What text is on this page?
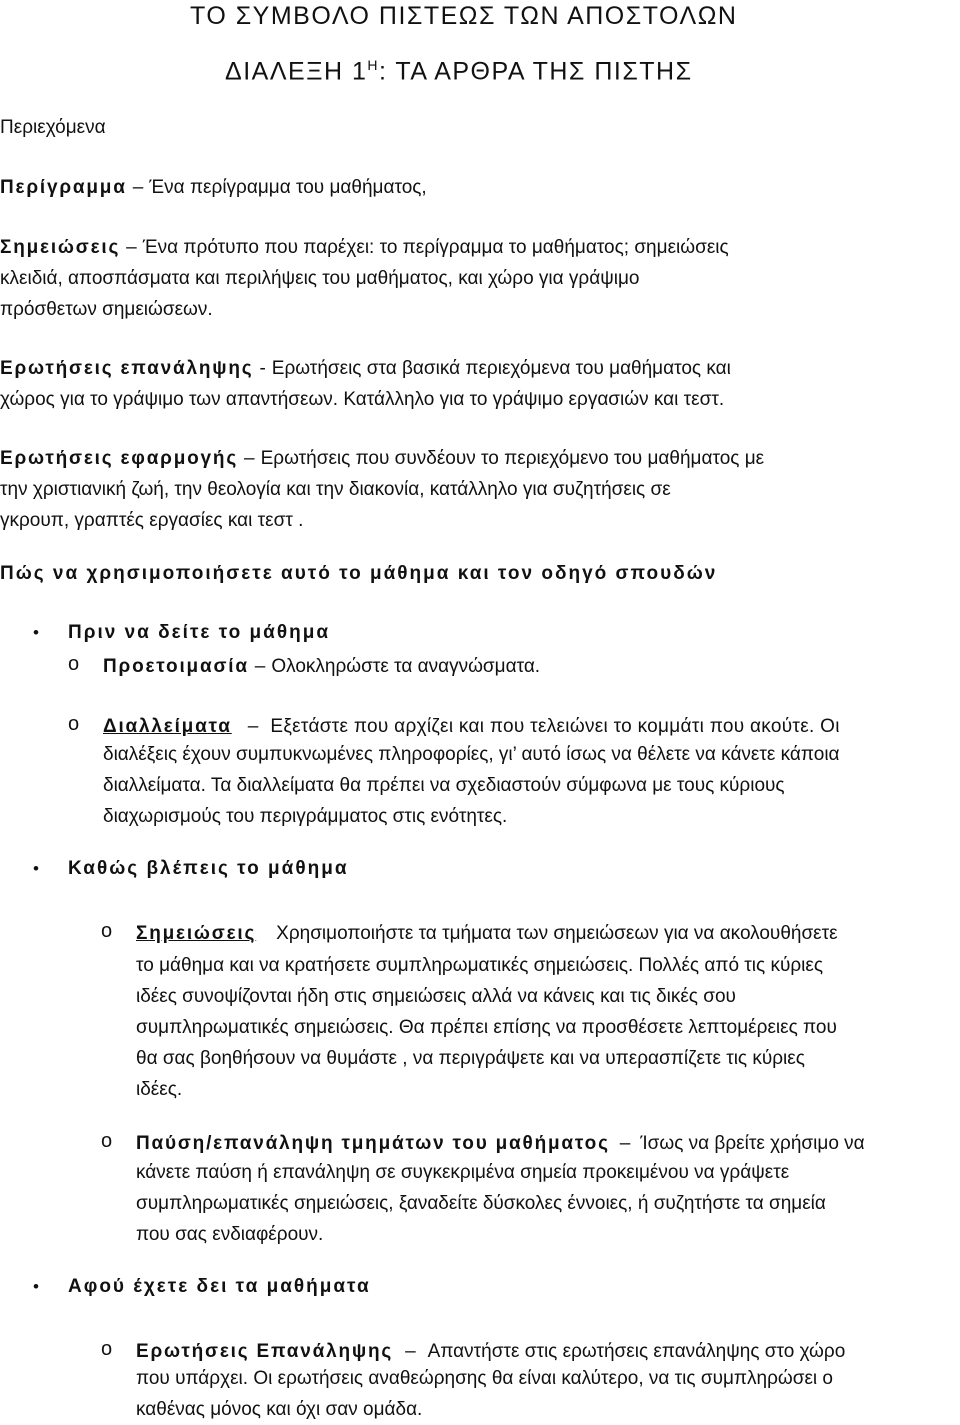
ΤΟ ΣΥΜΒΟΛΟ ΠΙΣΤΕΩΣ ΤΩΝ ΑΠΟΣΤΟΛΩΝ
ΔΙΑΛΕΞΗ $1^H$: ΤΑ ΑΡΘΡΑ ΤΗΣ ΠΙΣΤΗΣ
Περιεχόμενα
Περίγραμμα – Ένα περίγραμμα του μαθήματος,
Σημειώσεις – Ένα πρότυπο που παρέχει: το περίγραμμα το μαθήματος; σημειώσεις
κλειδιά, αποσπάσματα και περιλήψεις του μαθήματος, και χώρο για γράψιμο
πρόσθετων σημειώσεων.
Ερωτήσεις επανάληψης - Ερωτήσεις στα βασικά περιεχόμενα του μαθήματος και
χώρος για το γράψιμο των απαντήσεων. Κατάλληλο για το γράψιμο εργασιών και τεστ.
Ερωτήσεις εφαρμογής – Ερωτήσεις που συνδέουν το περιεχόμενο του μαθήματος με
την χριστιανική ζωή, την θεολογία και την διακονία, κατάλληλο για συζητήσεις σε
γκρουπ, γραπτές εργασίες και τεστ .
Πώς να χρησιμοποιήσετε αυτό το μάθημα και τον οδηγό σπουδών
• Πριν να δείτε το μάθημα
o Προετοιμασία – Ολοκληρώστε τα αναγνώσματα.
o Διαλλείματα – Εξετάστε που αρχίζει και που τελειώνει το κομμάτι που ακούτε. Οι
διαλέξεις έχουν συμπυκνωμένες πληροφορίες, γι’ αυτό ίσως να θέλετε να κάνετε κάποια
διαλλείματα. Τα διαλλείματα θα πρέπει να σχεδιαστούν σύμφωνα με τους κύριους
διαχωρισμούς του περιγράμματος στις ενότητες.
• Καθώς βλέπεις το μάθημα
o Σημειώσεις Χρησιμοποιήστε τα τμήματα των σημειώσεων για να ακολουθήσετε
το μάθημα και να κρατήσετε συμπληρωματικές σημειώσεις. Πολλές από τις κύριες
ιδέες συνοψίζονται ήδη στις σημειώσεις αλλά να κάνεις και τις δικές σου
συμπληρωματικές σημειώσεις. Θα πρέπει επίσης να προσθέσετε λεπτομέρειες που
θα σας βοηθήσουν να θυμάστε , να περιγράψετε και να υπερασπίζετε τις κύριες
ιδέες.
o Παύση/επανάληψη τμημάτων του μαθήματος – Ίσως να βρείτε χρήσιμο να
κάνετε παύση ή επανάληψη σε συγκεκριμένα σημεία προκειμένου να γράψετε
συμπληρωματικές σημειώσεις, ξαναδείτε δύσκολες έννοιες, ή συζητήστε τα σημεία
που σας ενδιαφέρουν.
• Αφού έχετε δει τα μαθήματα
o Ερωτήσεις Επανάληψης – Απαντήστε στις ερωτήσεις επανάληψης στο χώρο
που υπάρχει. Οι ερωτήσεις αναθεώρησης θα είναι καλύτερο, να τις συμπληρώσει ο
καθένας μόνος και όχι σαν ομάδα.
